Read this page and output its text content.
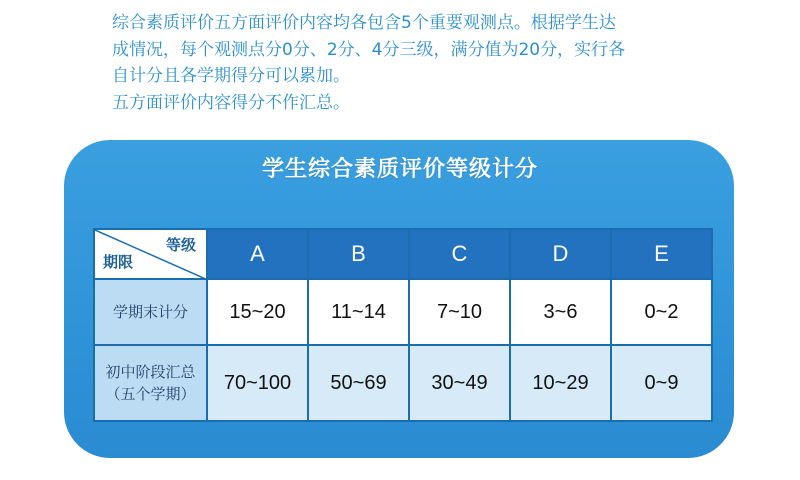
综合素质评价五方面评价内容均各包含5个重要观测点。根据学生达

成情况，每个观测点分0分、2分、4分三级，满分值为20分，实行各

自计分且各学期得分可以累加。

五方面评价内容得分不作汇总。

学生综合素质评价等级计分
等级
期限	A	B	C	D	E

学期末计分	15~20	11~14	7~10	3~6	0~2

初中阶段汇总
（五个学期）	70~100	50~69	30~49	10~29	0~9
